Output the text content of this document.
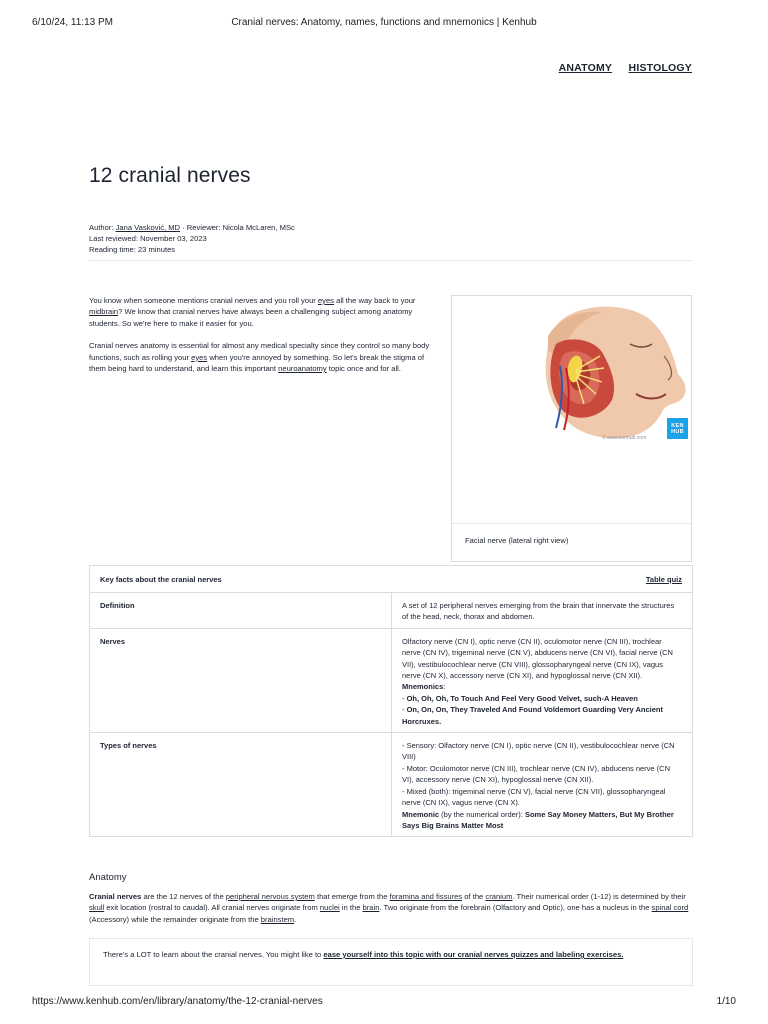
6/10/24, 11:13 PM	Cranial nerves: Anatomy, names, functions and mnemonics | Kenhub
ANATOMY HISTOLOGY
12 cranial nerves
Author: Jana Vasković, MD · Reviewer: Nicola McLaren, MSc
Last reviewed: November 03, 2023
Reading time: 23 minutes

You know when someone mentions cranial nerves and you roll your eyes all the way back to your midbrain? We know that cranial nerves have always been a challenging subject among anatomy students. So we're here to make it easier for you.

Cranial nerves anatomy is essential for almost any medical specialty since they control so many body functions, such as rolling your eyes when you're annoyed by something. So let's break the stigma of them being hard to understand, and learn this important neuroanatomy topic once and for all.

© www.kenhub.com
KEN HUB
Facial nerve (lateral right view)
Key facts about the cranial nerves Table quiz	

Definition	A set of 12 peripheral nerves emerging from the brain that innervate the structures of the head, neck, thorax and abdomen.
Nerves	Olfactory nerve (CN I), optic nerve (CN II), oculomotor nerve (CN III), trochlear nerve (CN IV), trigeminal nerve (CN V), abducens nerve (CN VI), facial nerve (CN VII), vestibulocochlear nerve (CN VIII), glossopharyngeal nerve (CN IX), vagus nerve (CN X), accessory nerve (CN XI), and hypoglossal nerve (CN XII).
Mnemonics:
- Oh, Oh, Oh, To Touch And Feel Very Good Velvet, such-A Heaven
- On, On, On, They Traveled And Found Voldemort Guarding Very Ancient Horcruxes.

Types of nerves	- Sensory: Olfactory nerve (CN I), optic nerve (CN II), vestibulocochlear nerve (CN VIII)
- Motor: Oculomotor nerve (CN III), trochlear nerve (CN IV), abducens nerve (CN VI), accessory nerve (CN XI), hypoglossal nerve (CN XII).
- Mixed (both): trigeminal nerve (CN V), facial nerve (CN VII), glossopharyngeal nerve (CN IX), vagus nerve (CN X).
Mnemonic (by the numerical order): Some Say Money Matters, But My Brother Says Big Brains Matter Most
Anatomy
Cranial nerves are the 12 nerves of the peripheral nervous system that emerge from the foramina and fissures of the cranium. Their numerical order (1-12) is determined by their skull exit location (rostral to caudal). All cranial nerves originate from nuclei in the brain. Two originate from the forebrain (Olfactory and Optic), one has a nucleus in the spinal cord (Accessory) while the remainder originate from the brainstem.
There's a LOT to learn about the cranial nerves. You might like to ease yourself into this topic with our cranial nerves quizzes and labeling exercises.
https://www.kenhub.com/en/library/anatomy/the-12-cranial-nerves	1/10
